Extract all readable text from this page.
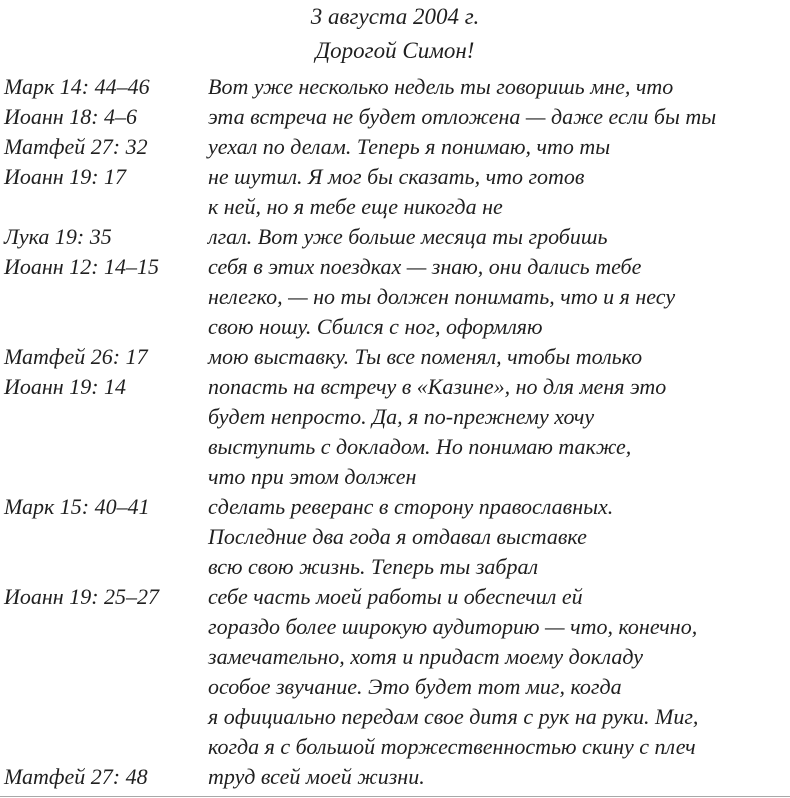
3 августа 2004 г.
Дорогой Симон!
Марк 14: 44–46	Вот уже несколько недель ты говоришь мне, что
Иоанн 18: 4–6	эта встреча не будет отложена — даже если бы ты
Матфей 27: 32	уехал по делам. Теперь я понимаю, что ты
Иоанн 19: 17	не шутил. Я мог бы сказать, что готов
к ней, но я тебе еще никогда не
Лука 19: 35	лгал. Вот уже больше месяца ты гробишь
Иоанн 12: 14–15	себя в этих поездках — знаю, они дались тебе
нелегко, — но ты должен понимать, что и я несу
свою ношу. Сбился с ног, оформляю
Матфей 26: 17	мою выставку. Ты все поменял, чтобы только
Иоанн 19: 14	попасть на встречу в «Казине», но для меня это
будет непросто. Да, я по-прежнему хочу
выступить с докладом. Но понимаю также,
что при этом должен
Марк 15: 40–41	сделать реверанс в сторону православных.
Последние два года я отдавал выставке
всю свою жизнь. Теперь ты забрал
Иоанн 19: 25–27	себе часть моей работы и обеспечил ей
гораздо более широкую аудиторию — что, конечно,
замечательно, хотя и придаст моему докладу
особое звучание. Это будет тот миг, когда
я официально передам свое дитя с рук на руки. Миг,
когда я с большой торжественностью скину с плеч
Матфей 27: 48	труд всей моей жизни.
